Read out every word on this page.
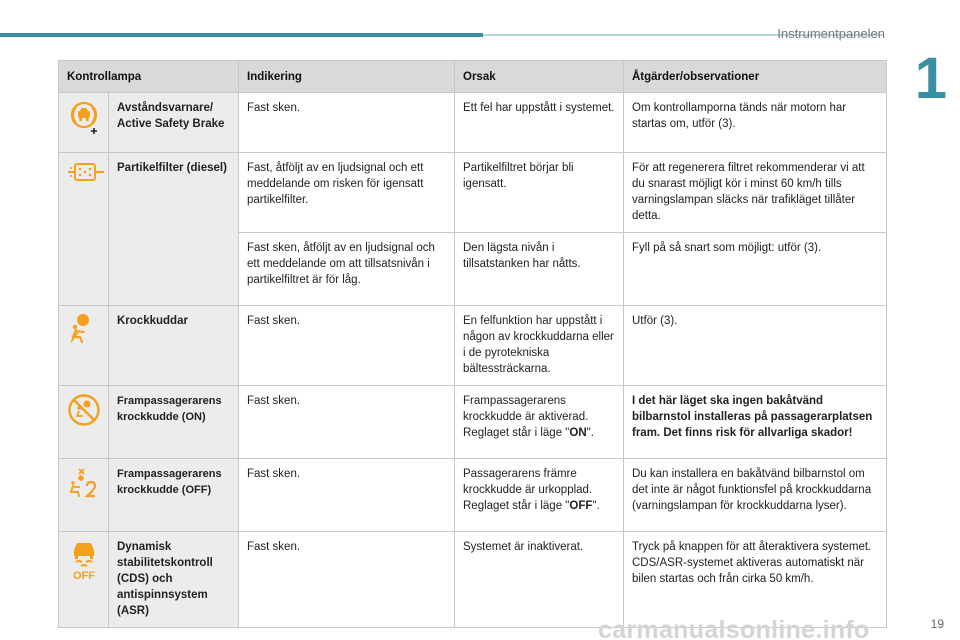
Instrumentpanelen
1
Kontrollampa		Indikering	Orsak	Åtgärder/observationer

	Avståndsvarnare/ Active Safety Brake	Fast sken.	Ett fel har uppstått i systemet.	Om kontrollamporna tänds när motorn har startas om, utför (3).

	Partikelfilter (diesel)	Fast, åtföljt av en ljudsignal och ett meddelande om risken för igensatt partikelfilter.	Partikelfiltret börjar bli igensatt.	För att regenerera filtret rekommenderar vi att du snarast möjligt kör i minst 60 km/h tills varningslampan släcks när trafikläget tillåter detta.
		Fast sken, åtföljt av en ljudsignal och ett meddelande om att tillsatsnivån i partikelfiltret är för låg.	Den lägsta nivån i tillsatstanken har nåtts.	Fyll på så snart som möjligt: utför (3).

	Krockkuddar	Fast sken.	En felfunktion har uppstått i någon av krockkuddarna eller i de pyrotekniska bältessträckarna.	Utför (3).

	Frampassagerarens krockkudde (ON)	Fast sken.	Frampassagerarens krockkudde är aktiverad. Reglaget står i läge "ON".	I det här läget ska ingen bakåtvänd bilbarnstol installeras på passagerarplatsen fram. Det finns risk för allvarliga skador!

	Frampassagerarens krockkudde (OFF)	Fast sken.	Passagerarens främre krockkudde är urkopplad. Reglaget står i läge "OFF".	Du kan installera en bakåtvänd bilbarnstol om det inte är något funktionsfel på krockkuddarna (varningslampan för krockkuddarna lyser).

OFF	Dynamisk stabilitetskontroll (CDS) och antispinnsystem (ASR)	Fast sken.	Systemet är inaktiverat.	Tryck på knappen för att återaktivera systemet. CDS/ASR-systemet aktiveras automatiskt när bilen startas och från cirka 50 km/h.
carmanualsonline.info	19
